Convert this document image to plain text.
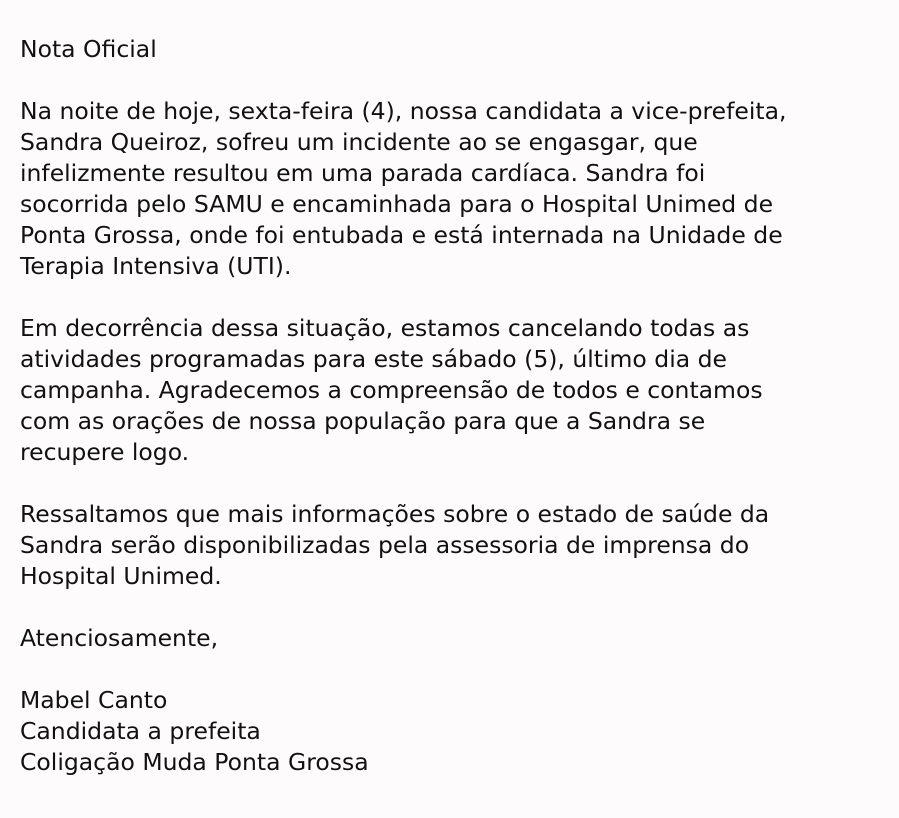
Nota Oficial
Na noite de hoje, sexta-feira (4), nossa candidata a vice-prefeita,
Sandra Queiroz, sofreu um incidente ao se engasgar, que
infelizmente resultou em uma parada cardíaca. Sandra foi
socorrida pelo SAMU e encaminhada para o Hospital Unimed de
Ponta Grossa, onde foi entubada e está internada na Unidade de
Terapia Intensiva (UTI).
Em decorrência dessa situação, estamos cancelando todas as
atividades programadas para este sábado (5), último dia de
campanha. Agradecemos a compreensão de todos e contamos
com as orações de nossa população para que a Sandra se
recupere logo.
Ressaltamos que mais informações sobre o estado de saúde da
Sandra serão disponibilizadas pela assessoria de imprensa do
Hospital Unimed.
Atenciosamente,
Mabel Canto
Candidata a prefeita
Coligação Muda Ponta Grossa
